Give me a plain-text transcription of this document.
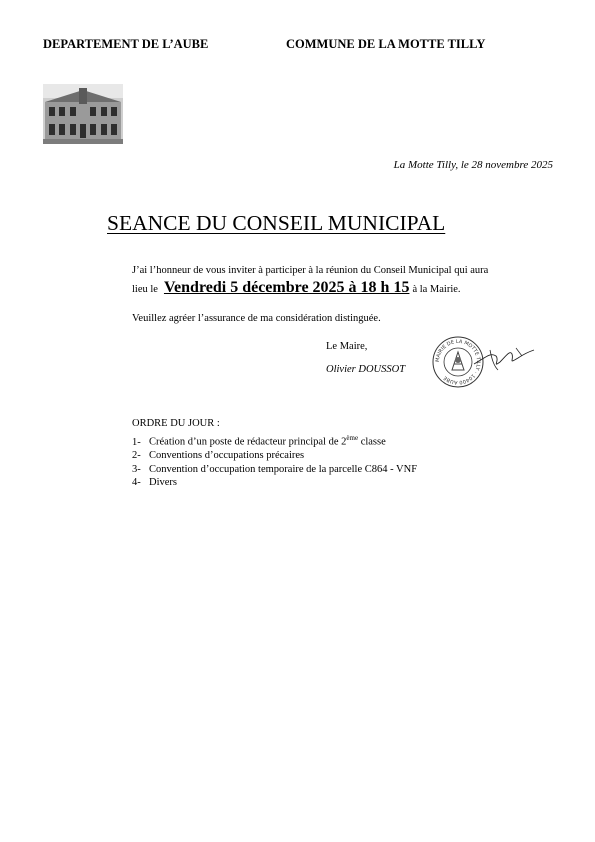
DEPARTEMENT DE L’AUBE	COMMUNE DE LA MOTTE TILLY
La Motte Tilly, le 28 novembre 2025
SEANCE DU CONSEIL MUNICIPAL
J’ai l’honneur de vous inviter à participer à la réunion du Conseil Municipal qui aura
lieu le Vendredi 5 décembre 2025 à 18 h 15 à la Mairie.
Veuillez agréer l’assurance de ma considération distinguée.
Le Maire,
Olivier DOUSSOT
MAIRIE DE LA MOTTE TILLY · 10400 AUBE
ORDRE DU JOUR :
1- Création d’un poste de rédacteur principal de 2ème classe
2- Conventions d’occupations précaires
3- Convention d’occupation temporaire de la parcelle C864 - VNF
4- Divers
